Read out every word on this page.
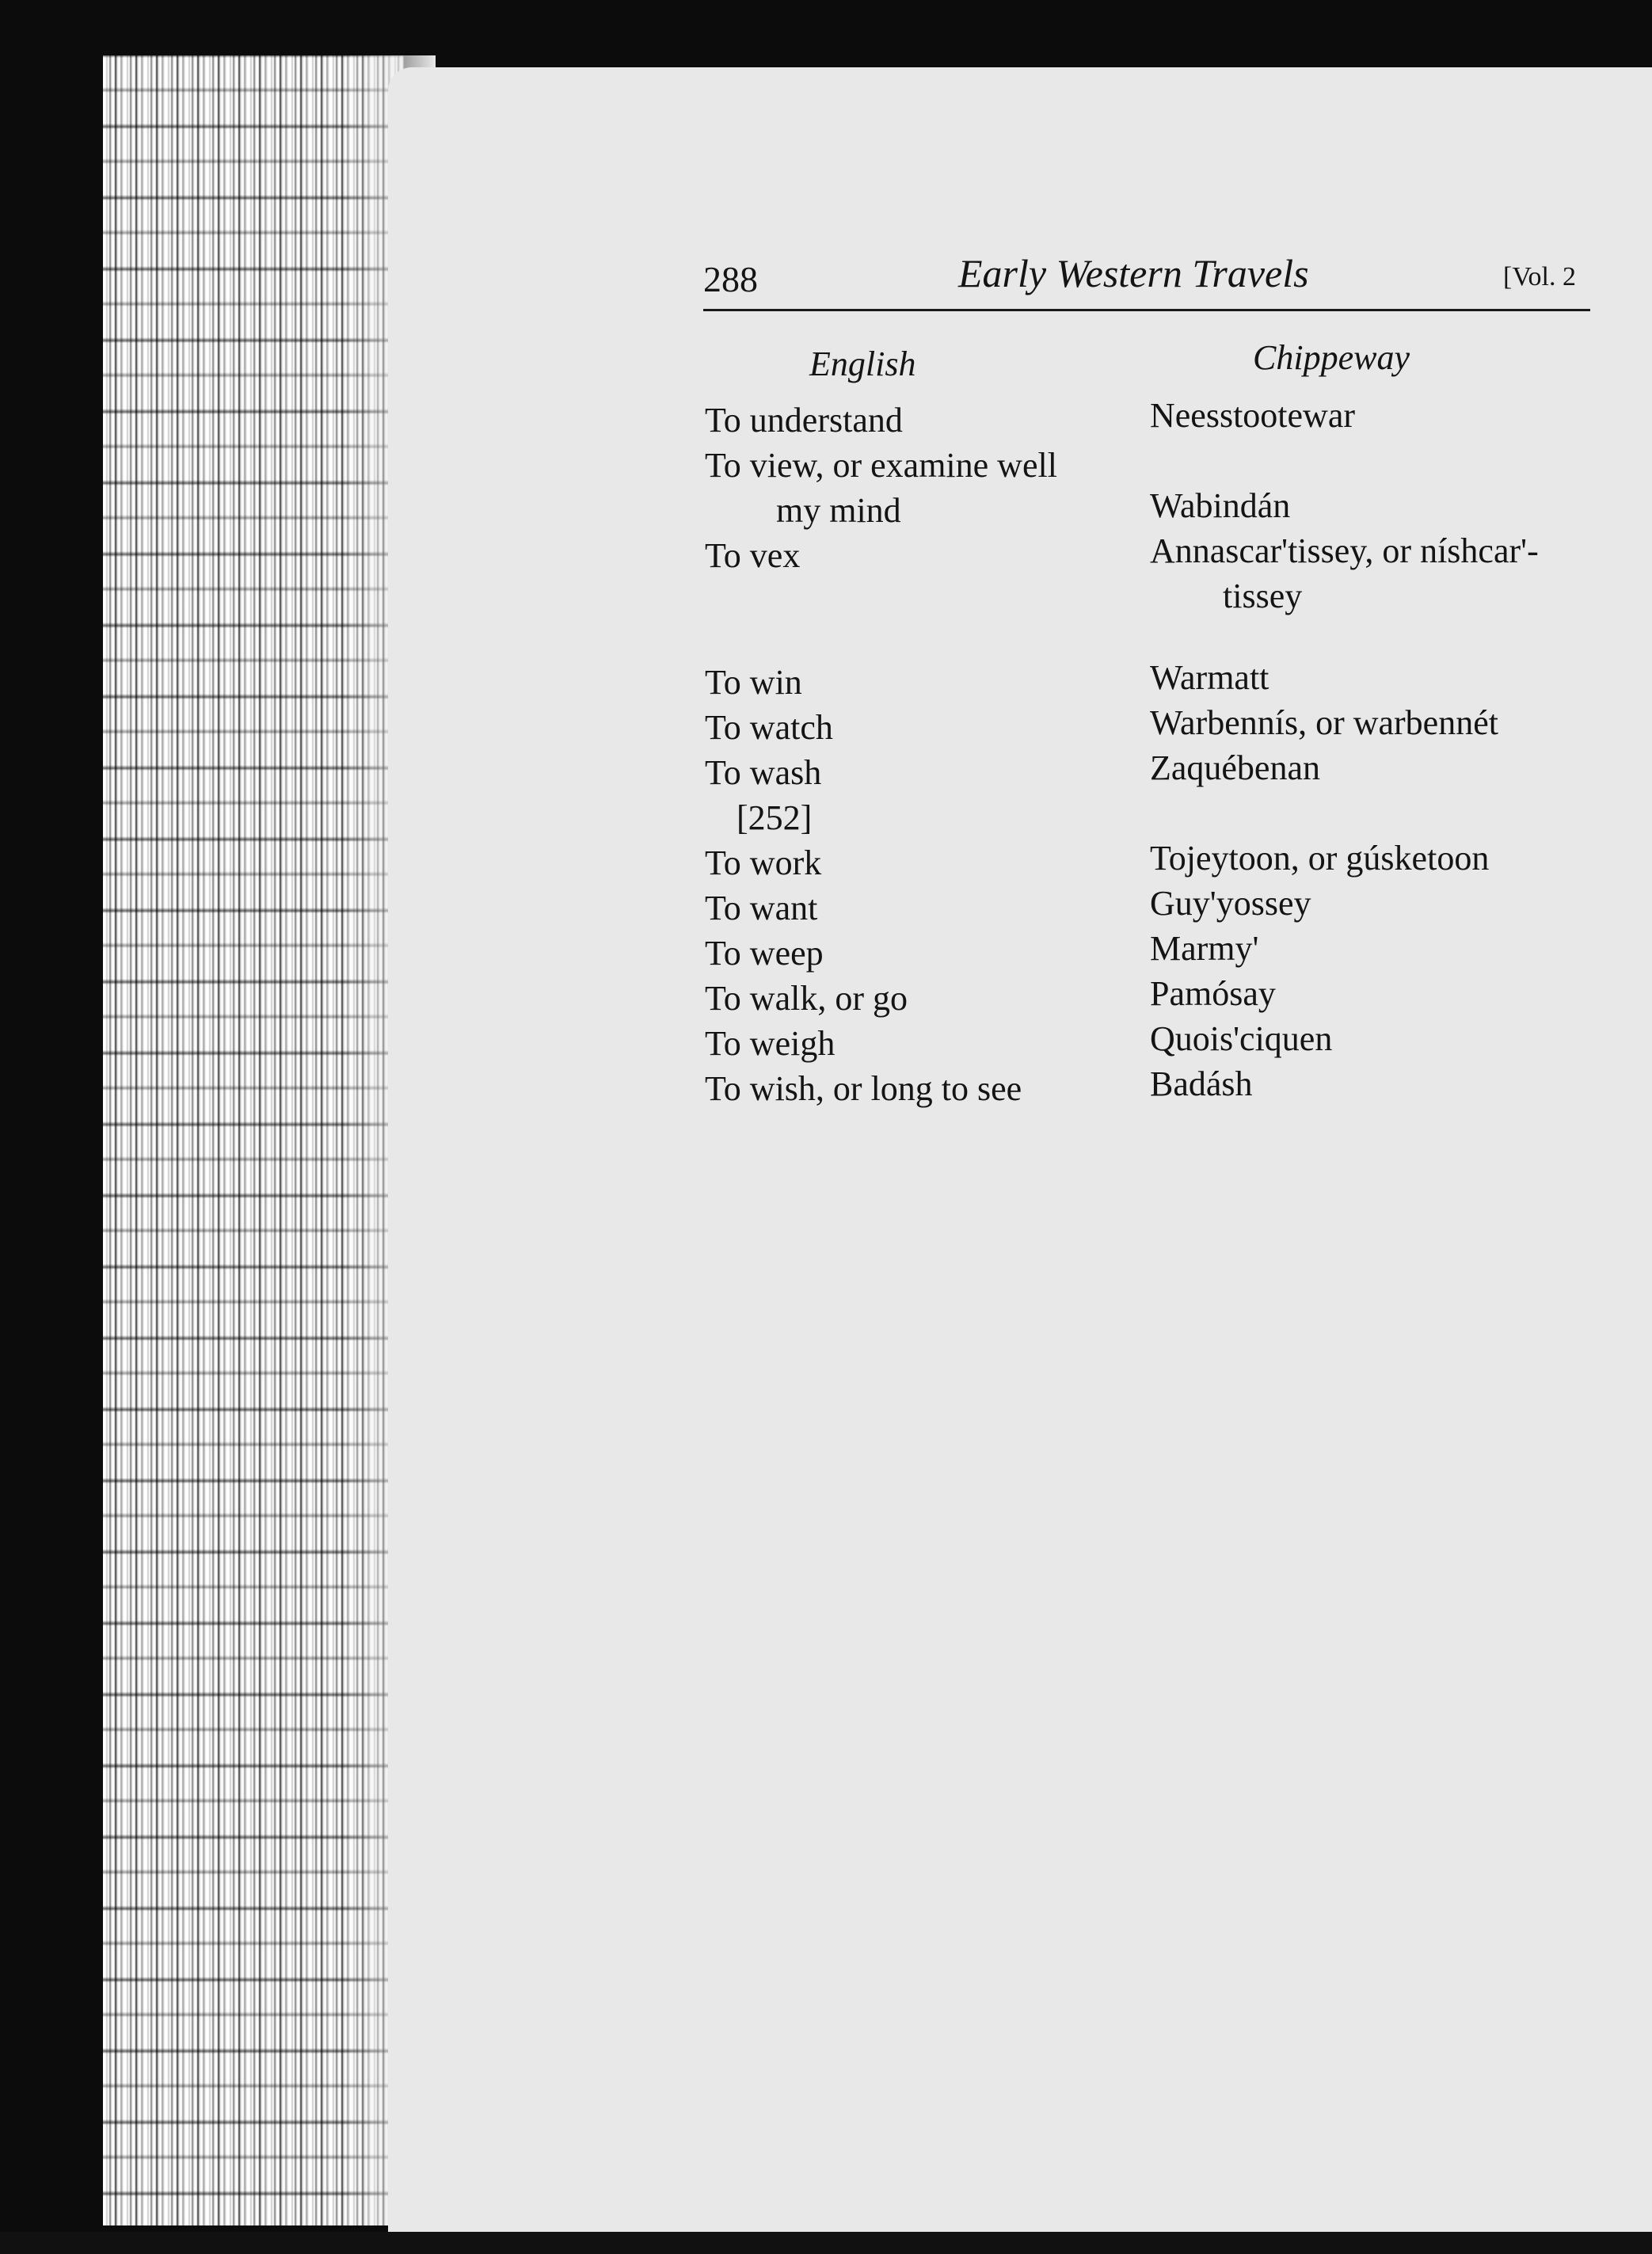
288	Early Western Travels	[Vol. 2
English	Chippeway
To understand	Neesstootewar
To view, or examine well
my mind	Wabindán
To vex	Annascar'tissey, or níshcar'-
tissey
To win	Warmatt
To watch	Warbennís, or warbennét
To wash	Zaquébenan
[252]
To work	Tojeytoon, or gúsketoon
To want	Guy'yossey
To weep	Marmy'
To walk, or go	Pamósay
To weigh	Quois'ciquen
To wish, or long to see	Badásh
